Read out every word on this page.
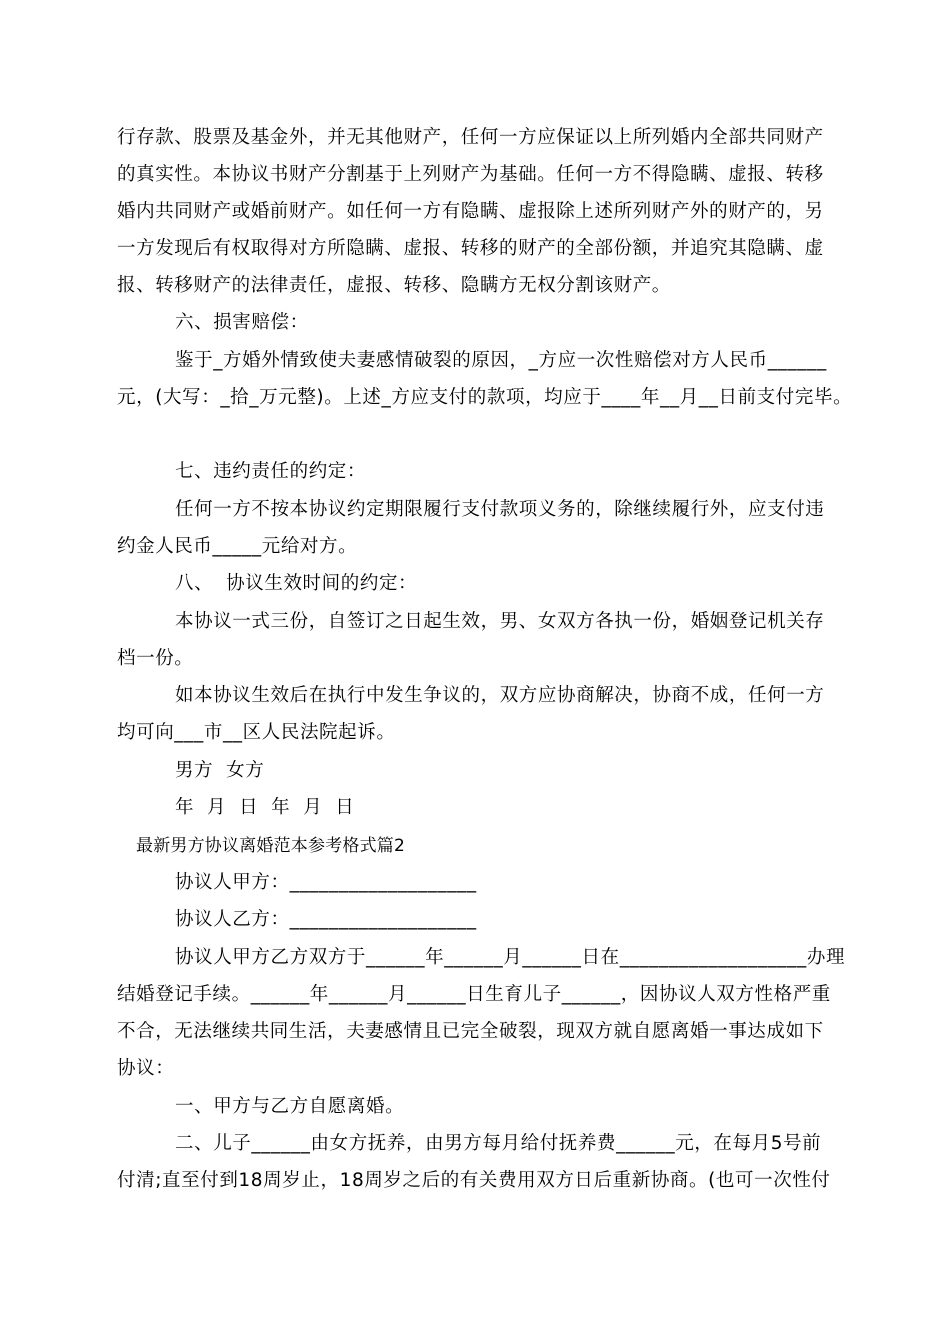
行存款、股票及基金外，并无其他财产，任何一方应保证以上所列婚内全部共同财产
的真实性。本协议书财产分割基于上列财产为基础。任何一方不得隐瞒、虚报、转移
婚内共同财产或婚前财产。如任何一方有隐瞒、虚报除上述所列财产外的财产的，另
一方发现后有权取得对方所隐瞒、虚报、转移的财产的全部份额，并追究其隐瞒、虚
报、转移财产的法律责任，虚报、转移、隐瞒方无权分割该财产。
六、损害赔偿：
鉴于_方婚外情致使夫妻感情破裂的原因，_方应一次性赔偿对方人民币______
元，(大写：_拾_万元整)。上述_方应支付的款项，均应于____年__月__日前支付完毕。
七、违约责任的约定：
任何一方不按本协议约定期限履行支付款项义务的，除继续履行外，应支付违
约金人民币_____元给对方。
八、  协议生效时间的约定：
本协议一式三份，自签订之日起生效，男、女双方各执一份，婚姻登记机关存
档一份。
如本协议生效后在执行中发生争议的，双方应协商解决，协商不成，任何一方
均可向___市__区人民法院起诉。
男方  女方
年  月  日  年  月  日
最新男方协议离婚范本参考格式篇2
协议人甲方：___________________
协议人乙方：___________________
协议人甲方乙方双方于______年______月______日在___________________办理
结婚登记手续。______年______月______日生育儿子______，因协议人双方性格严重
不合，无法继续共同生活，夫妻感情且已完全破裂，现双方就自愿离婚一事达成如下
协议：
一、甲方与乙方自愿离婚。
二、儿子______由女方抚养，由男方每月给付抚养费______元，在每月5号前
付清;直至付到18周岁止，18周岁之后的有关费用双方日后重新协商。(也可一次性付
